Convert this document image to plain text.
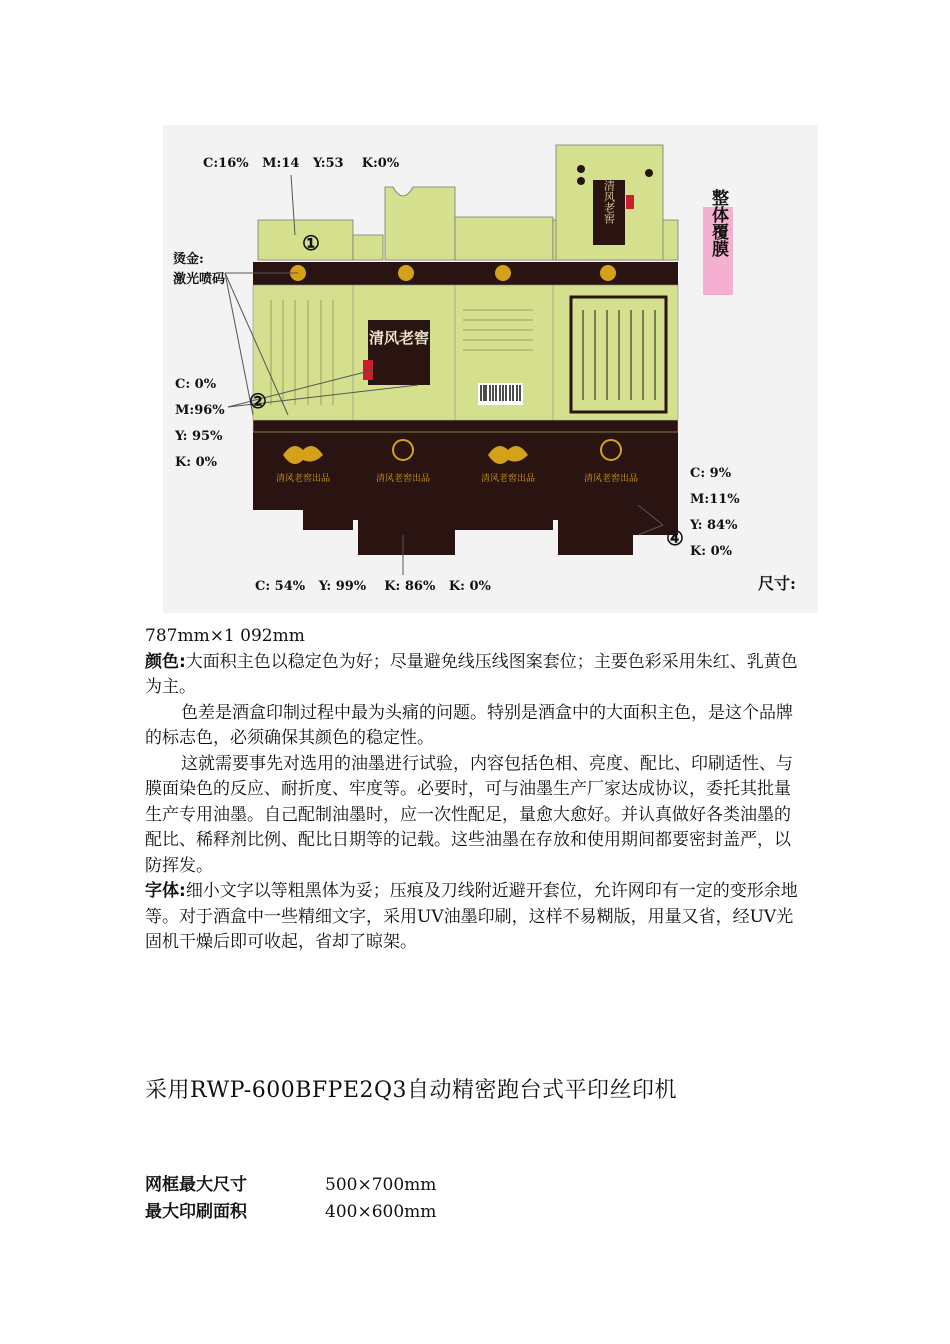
清风老窖
清风老窖
清风老窖出品	清风老窖出品	清风老窖出品	清风老窖出品
①
②
④
C:16%   M:14   Y:53    K:0%
烫金:
激光喷码
C: 0%
M:96%
Y: 95%
K: 0%
C: 9%
M:11%
Y: 84%
K: 0%
C: 54%   Y: 99%    K: 86%   K: 0%
整体覆膜
尺寸:

787mm×1 092mm

颜色:大面积主色以稳定色为好；尽量避免线压线图案套位；主要色彩采用朱红、乳黄色为主。

色差是酒盒印制过程中最为头痛的问题。特别是酒盒中的大面积主色，是这个品牌的标志色，必须确保其颜色的稳定性。

这就需要事先对选用的油墨进行试验，内容包括色相、亮度、配比、印刷适性、与膜面染色的反应、耐折度、牢度等。必要时，可与油墨生产厂家达成协议，委托其批量生产专用油墨。自己配制油墨时，应一次性配足，量愈大愈好。并认真做好各类油墨的配比、稀释剂比例、配比日期等的记载。这些油墨在存放和使用期间都要密封盖严，以防挥发。

字体:细小文字以等粗黑体为妥；压痕及刀线附近避开套位，允许网印有一定的变形余地等。对于酒盒中一些精细文字，采用UV油墨印刷，这样不易糊版，用量又省，经UV光固机干燥后即可收起，省却了晾架。

采用RWP-600BFPE2Q3自动精密跑台式平印丝印机
网框最大尺寸	500×700mm
最大印刷面积	400×600mm
